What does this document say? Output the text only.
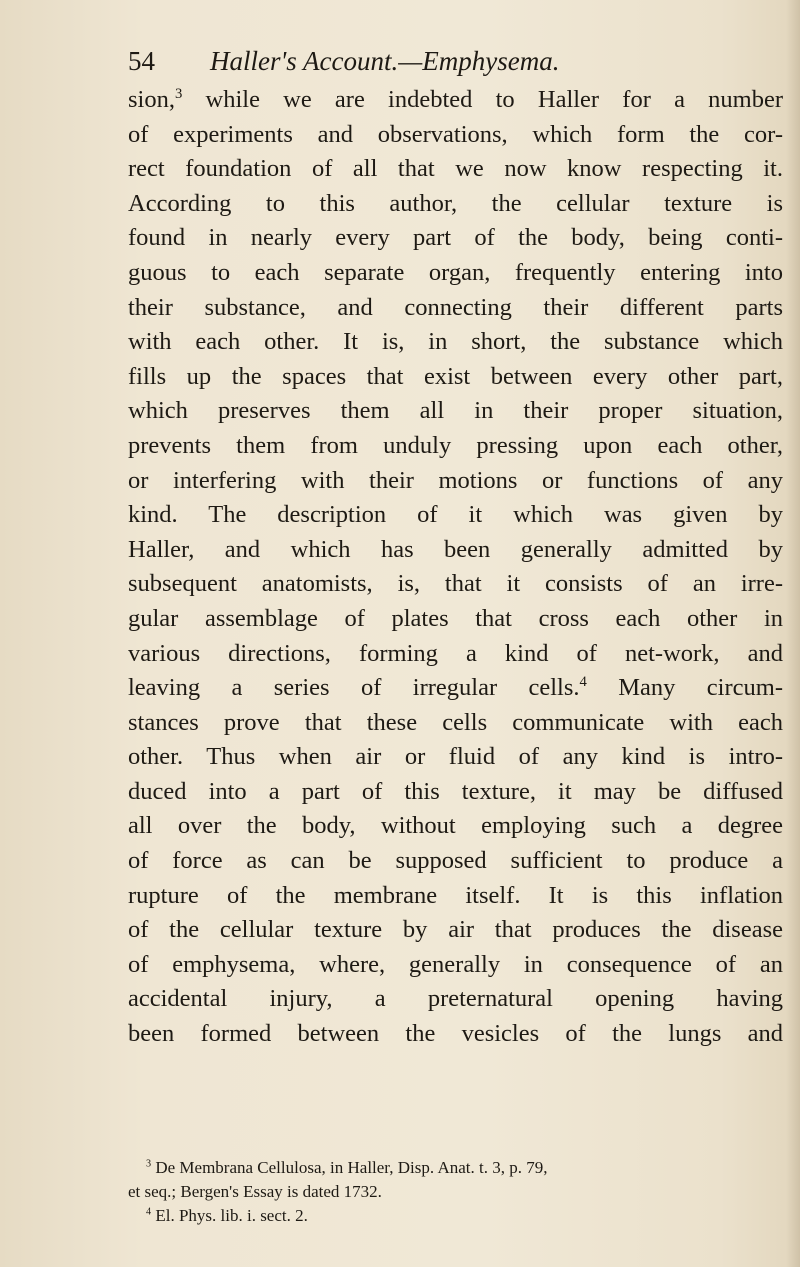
54 Haller's Account.—Emphysema.
sion,$^3$ while we are indebted to Haller for a number
of experiments and observations, which form the cor-
rect foundation of all that we now know respecting it.
According to this author, the cellular texture is
found in nearly every part of the body, being conti-
guous to each separate organ, frequently entering into
their substance, and connecting their different parts
with each other. It is, in short, the substance which
fills up the spaces that exist between every other part,
which preserves them all in their proper situation,
prevents them from unduly pressing upon each other,
or interfering with their motions or functions of any
kind. The description of it which was given by
Haller, and which has been generally admitted by
subsequent anatomists, is, that it consists of an irre-
gular assemblage of plates that cross each other in
various directions, forming a kind of net-work, and
leaving a series of irregular cells.$^4$ Many circum-
stances prove that these cells communicate with each
other. Thus when air or fluid of any kind is intro-
duced into a part of this texture, it may be diffused
all over the body, without employing such a degree
of force as can be supposed sufficient to produce a
rupture of the membrane itself. It is this inflation
of the cellular texture by air that produces the disease
of emphysema, where, generally in consequence of an
accidental injury, a preternatural opening having
been formed between the vesicles of the lungs and
$^3$ De Membrana Cellulosa, in Haller, Disp. Anat. t. 3, p. 79,
et seq.; Bergen's Essay is dated 1732.
$^4$ El. Phys. lib. i. sect. 2.
